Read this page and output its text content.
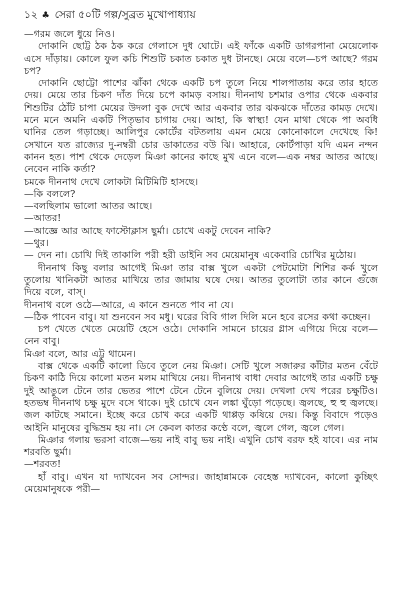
১২ ♣ সেরা ৫০টি গল্প/সুব্রত মুখোপাধ্যায়

—গরম জলে ধুয়ে নিও।

দোকানি ছোট্ট ঠক ঠক করে গেলাসে দুধ ঘোটে। এই ফাঁকে একটি ডাগরপানা মেয়েলোক এসে দাঁড়ায়। কোলে ফুল কচি শিশুটি চকাত চকাত দুধ টানছে। মেয়ে বলে—চপ আছে? গরম চপ?

দোকানি ছোট্টো পাশের ঝাঁকা থেকে একটি চপ তুলে নিয়ে শালপাতায় করে তার হাতে দেয়। মেয়ে তার চিকণ দাঁত দিয়ে চপে কামড় বসায়। দীননাথ চশমার ওপার থেকে একবার শিশুটির ঠোঁট চাপা মেয়ের উদলা বুক দেখে আর একবার তার ঝকঝকে দাঁতের কামড় দেখে। মনে মনে অমনি একটি পিতৃভাব চাগায় দেয়। আহা, কি স্বাস্থ্য! যেন মাথা থেকে পা অবধি ঘানির তেল গড়াচ্ছে। আলিপুর কোর্টের বটতলায় এমন মেয়ে কোনোকালে দেখেছে কি! সেখানে যত রাজ্যের দু-নম্বরী চোর ডাকাতের বউ ঝি। আহারে, কোর্টপাড়া যদি এমন নন্দন কানন হত। পাশ থেকে দেড়েল মিঞা কানের কাছে মুখ এনে বলে—এক নম্বর আতর আছে। নেবেন নাকি কর্তা?

চমকে দীননাথ দেখে লোকটা মিটিমিটি হাসছে।

—কি বললে?

—বলছিলাম ভালো আতর আছে।

—আতর!

—আজ্ঞে আর আছে ফাস্টোক্লাস ছুর্মা। চোখে একটু দেবেন নাকি?

—থুর।

— দেন না। চোখি দিই তাকালি পরী হরী ডাইনি সব মেয়েমানুষ একেবারি চোখির মুঠোয়।

দীননাথ কিছু বলার আগেই মিঞা তার বাক্স খুলে একটা পেটমোটা শিশির কর্ক খুলে তুলোয় খানিকটা আতর মাখিয়ে তার জামায় ঘষে দেয়। আতর তুলোটা তার কানে গুঁজে দিয়ে বলে, বাস্।

দীননাথ বলে ওঠে—আরে, এ কানে শুনতে পাব না যে।

—ঠিক পাবেন বাবু। যা শুনবেন সব মধু। ঘরের বিবি গাল দিলি মনে হবে রসের কথা কচ্ছেন।

চপ খেতে খেতে মেয়েটি হেসে ওঠে। দোকানি সামনে চায়ের গ্লাস এগিয়ে দিয়ে বলে— নেন বাবু।

মিঞা বলে, আর এট্টু থামেন।

বাক্স থেকে একটি কালো ডিবে তুলে নেয় মিঞা। সেটি খুলে সজারুর কাঁটার মতন বেঁটে চিকণ কাঠি দিয়ে কালো মতন মলম মাখিয়ে নেয়। দীননাথ বাধা দেবার আগেই তার একটি চক্ষু দুই আঙুলে টেনে তার ভেতর পাশে টেনে টেনে বুলিয়ে দেয়। দেখলা দেখ পরের চক্ষুটিও। হতভম্ব দীননাথ চক্ষু মুদে বসে থাকে। দুই চোখে যেন লঙ্কা ঘুঁড়ো পড়েছে। জ্বলছে, হু হু জ্বলছে। জল কাটছে সমানে। ইচ্ছে করে চোখ করে একটি থাপ্পড় কষিয়ে দেয়। কিন্তু বিবাদে পড়েও আইনি মানুষের বুদ্ধিভ্রম হয় না। সে কেবল কাতর কণ্ঠে বলে, জ্বলে গেল, জ্বলে গেল।

মিঞার গলায় ভরসা বাজে—ভয় নাই বাবু ভয় নাই। এখুনি চোখ বরফ হই যাবে। এর নাম শরবতি ছুর্মা।

—শরবত!

হাঁ বাবু। এখন যা দ্যাখবেন সব সোন্দর। জাহান্নামকে বেহেস্ত দ্যাখবেন, কালো কুচ্ছিৎ মেয়েমানুষকে পরী—
